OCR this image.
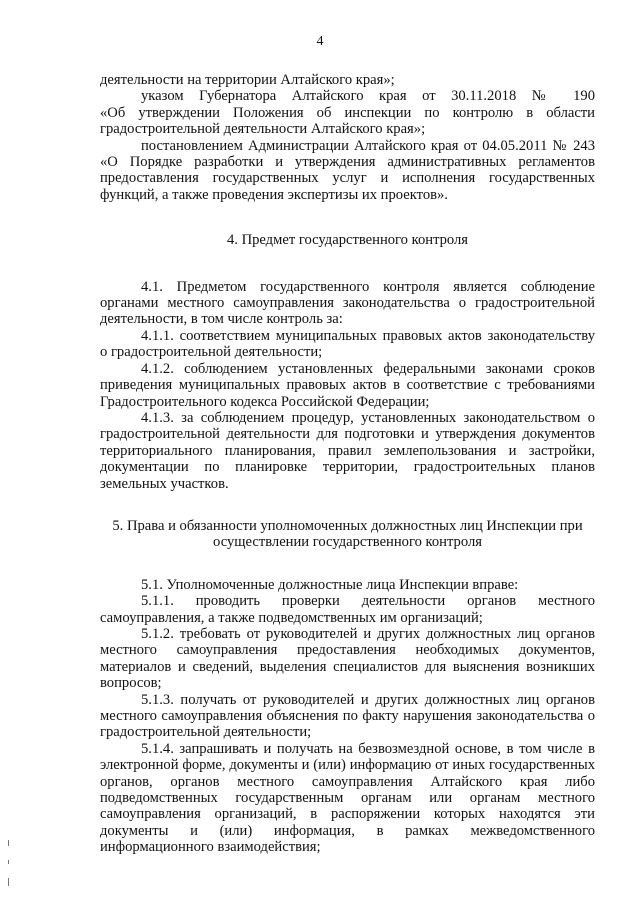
4

деятельности на территории Алтайского края»;

указом Губернатора Алтайского края от 30.11.2018 № 190

«Об утверждении Положения об инспекции по контролю в области градостроительной деятельности Алтайского края»;

постановлением Администрации Алтайского края от 04.05.2011 № 243

«О Порядке разработки и утверждения административных регламентов предоставления государственных услуг и исполнения государственных функций, а также проведения экспертизы их проектов».

4. Предмет государственного контроля

4.1. Предметом государственного контроля является соблюдение органами местного самоуправления законодательства о градостроительной деятельности, в том числе контроль за:

4.1.1. соответствием муниципальных правовых актов законодательству о градостроительной деятельности;

4.1.2. соблюдением установленных федеральными законами сроков приведения муниципальных правовых актов в соответствие с требованиями Градостроительного кодекса Российской Федерации;

4.1.3. за соблюдением процедур, установленных законодательством о градостроительной деятельности для подготовки и утверждения документов территориального планирования, правил землепользования и застройки, документации по планировке территории, градостроительных планов земельных участков.

5. Права и обязанности уполномоченных должностных лиц Инспекции при

осуществлении государственного контроля

5.1. Уполномоченные должностные лица Инспекции вправе:

5.1.1. проводить проверки деятельности органов местного самоуправления, а также подведомственных им организаций;

5.1.2. требовать от руководителей и других должностных лиц органов местного самоуправления предоставления необходимых документов, материалов и сведений, выделения специалистов для выяснения возникших вопросов;

5.1.3. получать от руководителей и других должностных лиц органов местного самоуправления объяснения по факту нарушения законодательства о градостроительной деятельности;

5.1.4. запрашивать и получать на безвозмездной основе, в том числе в электронной форме, документы и (или) информацию от иных государственных органов, органов местного самоуправления Алтайского края либо подведомственных государственным органам или органам местного самоуправления организаций, в распоряжении которых находятся эти документы и (или) информация, в рамках межведомственного информационного взаимодействия;
